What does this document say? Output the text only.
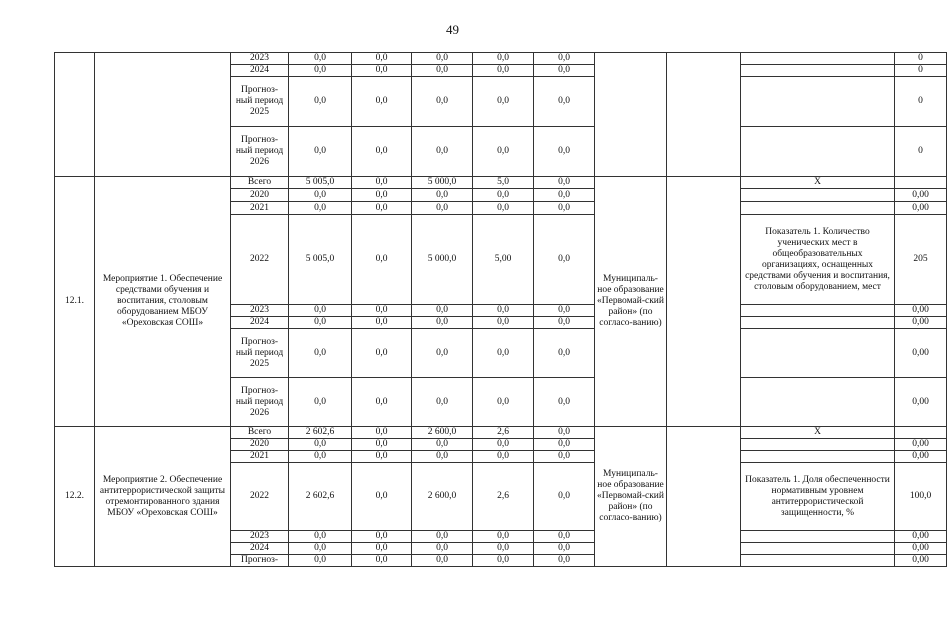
49
		2023	0,0	0,0	0,0	0,0	0,0				0
		2024	0,0	0,0	0,0	0,0	0,0				0
		Прогноз-ный период 2025	0,0	0,0	0,0	0,0	0,0				0
		Прогноз-ный период 2026	0,0	0,0	0,0	0,0	0,0				0
12.1.	Мероприятие 1. Обеспечение средствами обучения и воспитания, столовым оборудованием МБОУ «Ореховская СОШ»	Всего	5 005,0	0,0	5 000,0	5,0	0,0	Муниципаль-ное образование «Первомай-ский район» (по согласо-ванию)		Х	
		2020	0,0	0,0	0,0	0,0	0,0				0,00
		2021	0,0	0,0	0,0	0,0	0,0				0,00
		2022	5 005,0	0,0	5 000,0	5,00	0,0			Показатель 1. Количество ученических мест в общеобразовательных организациях, оснащенных средствами обучения и воспитания, столовым оборудованием, мест	205
		2023	0,0	0,0	0,0	0,0	0,0				0,00
		2024	0,0	0,0	0,0	0,0	0,0				0,00
		Прогноз-ный период 2025	0,0	0,0	0,0	0,0	0,0				0,00
		Прогноз-ный период 2026	0,0	0,0	0,0	0,0	0,0				0,00
12.2.	Мероприятие 2. Обеспечение антитеррористической защиты отремонтированного здания МБОУ «Ореховская СОШ»	Всего	2 602,6	0,0	2 600,0	2,6	0,0	Муниципаль-ное образование «Первомай-ский район» (по согласо-ванию)		Х	
		2020	0,0	0,0	0,0	0,0	0,0				0,00
		2021	0,0	0,0	0,0	0,0	0,0				0,00
		2022	2 602,6	0,0	2 600,0	2,6	0,0			Показатель 1. Доля обеспеченности нормативным уровнем антитеррористической защищенности, %	100,0
		2023	0,0	0,0	0,0	0,0	0,0				0,00
		2024	0,0	0,0	0,0	0,0	0,0				0,00
		Прогноз-	0,0	0,0	0,0	0,0	0,0				0,00
